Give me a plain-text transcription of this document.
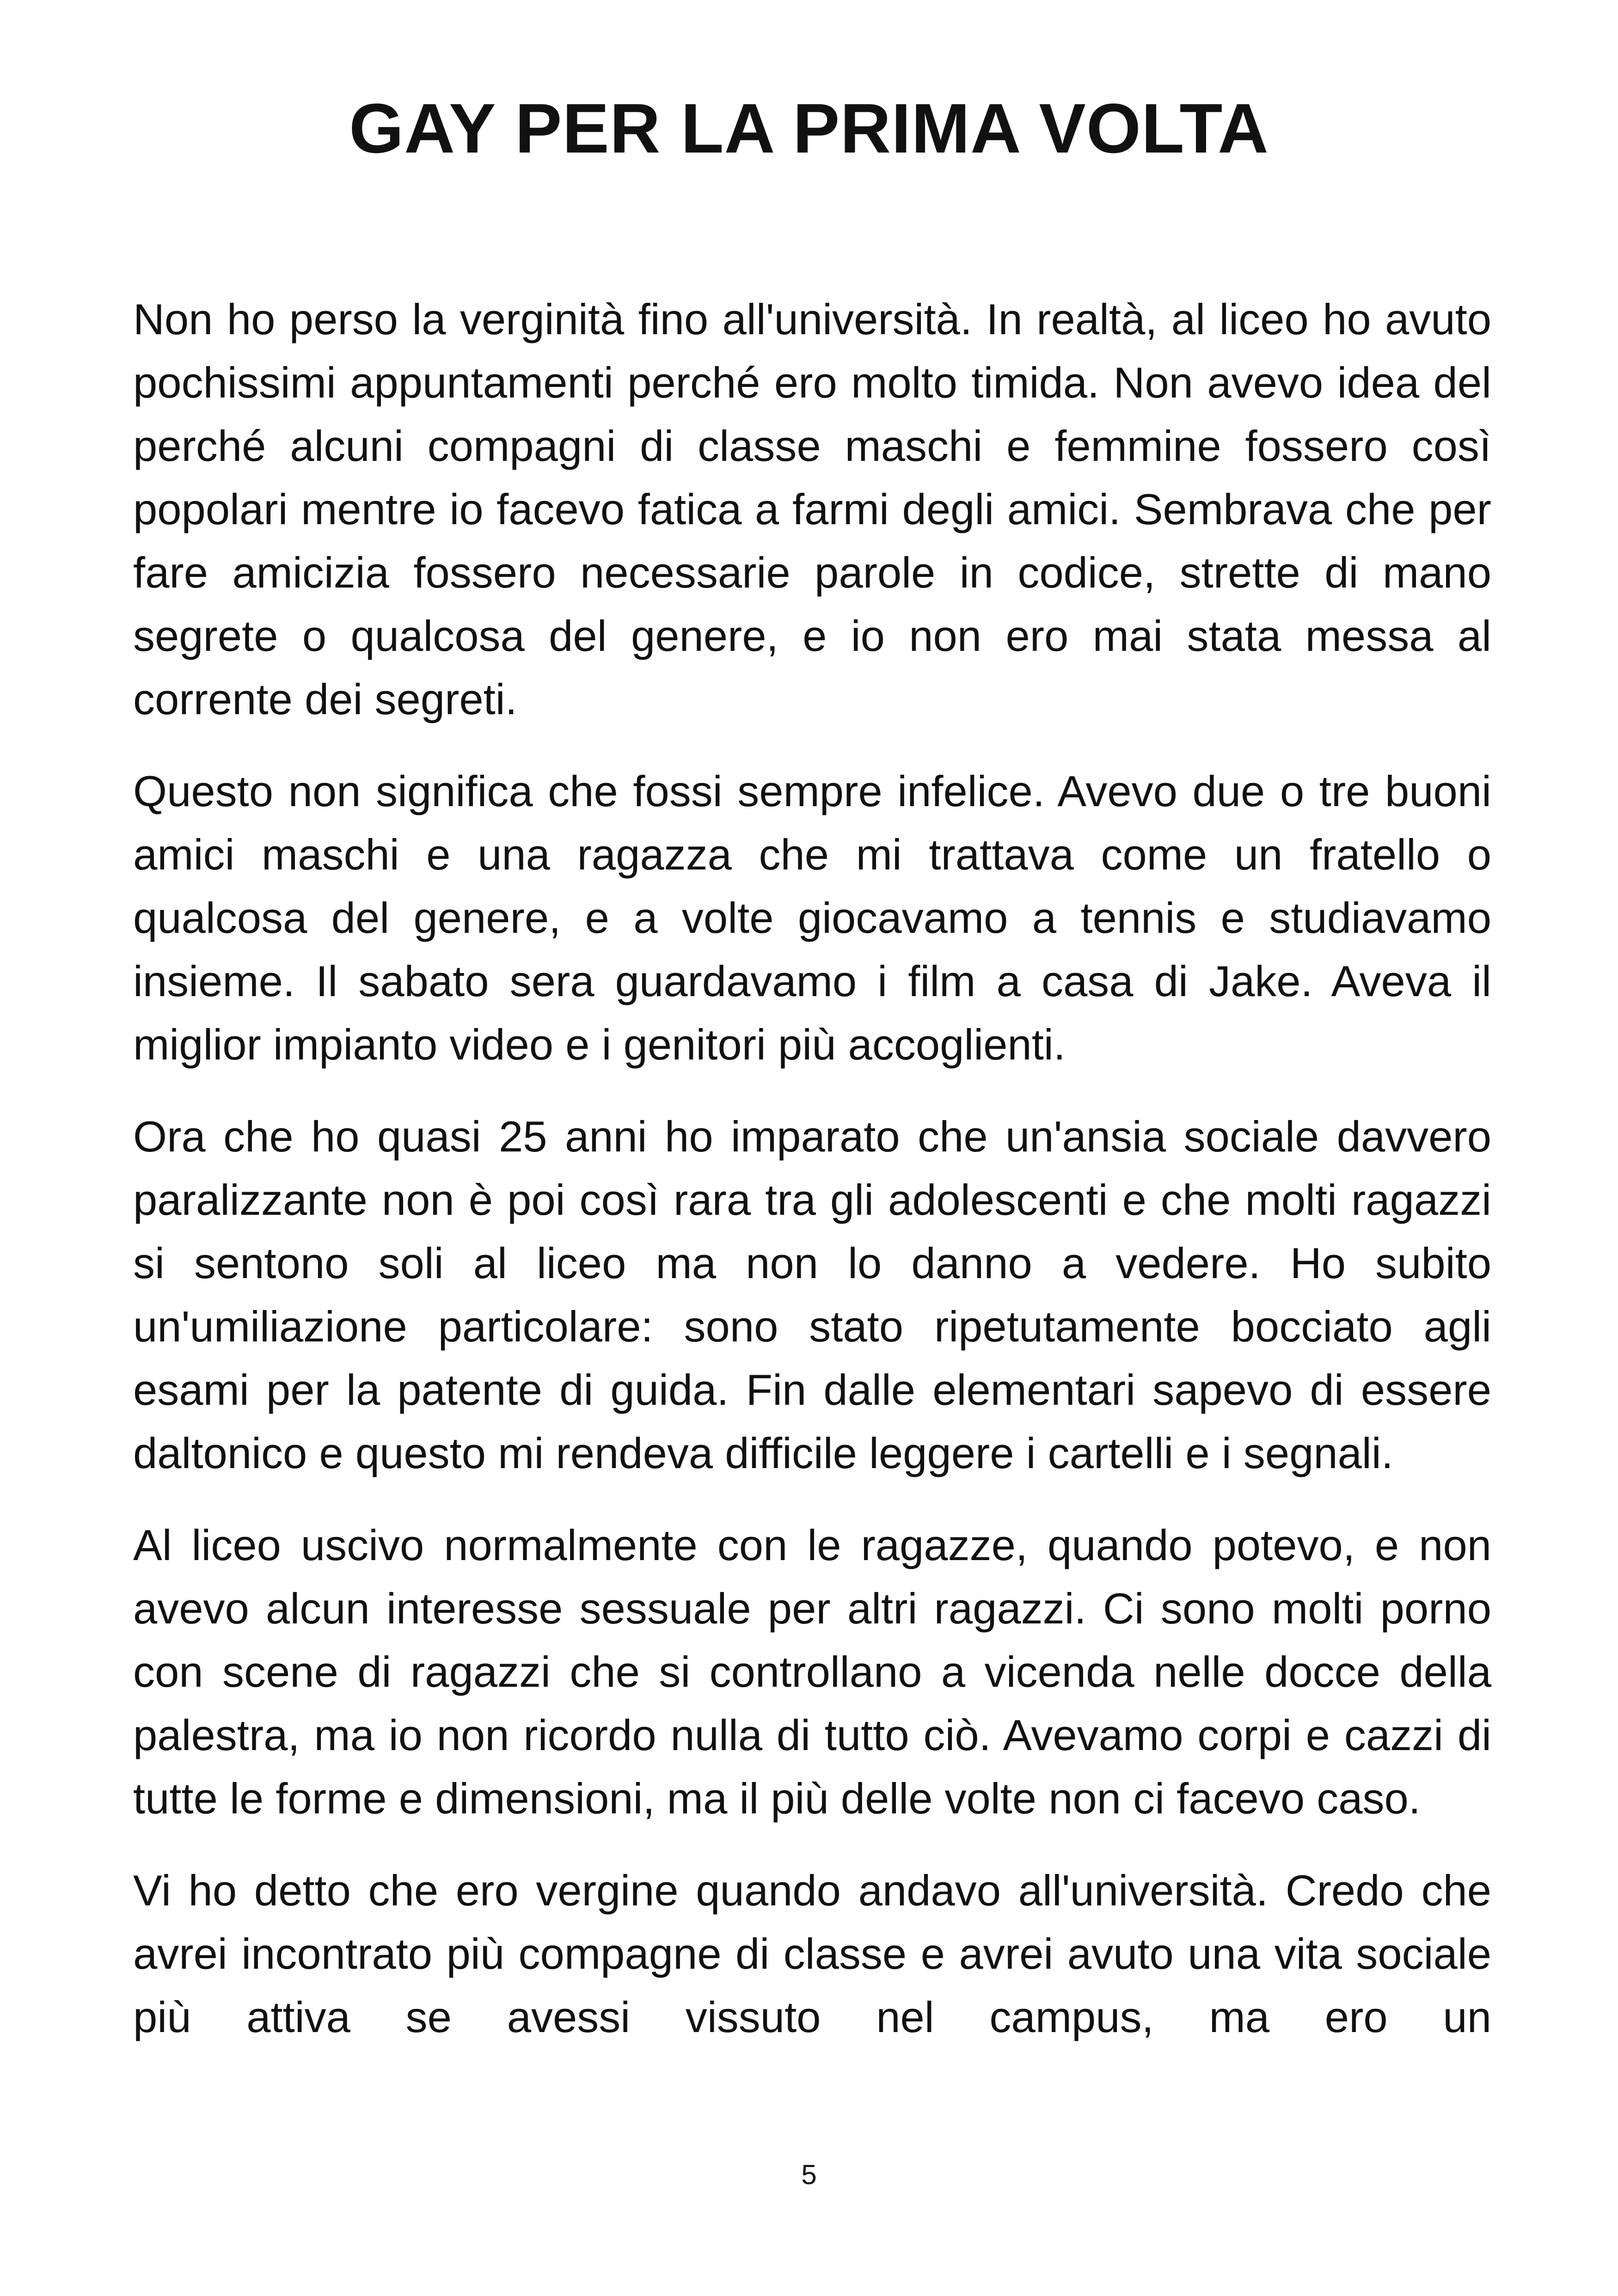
GAY PER LA PRIMA VOLTA

Non ho perso la verginità fino all'università. In realtà, al liceo ho avuto pochissimi appuntamenti perché ero molto timida. Non avevo idea del perché alcuni compagni di classe maschi e femmine fossero così popolari mentre io facevo fatica a farmi degli amici. Sembrava che per fare amicizia fossero necessarie parole in codice, strette di mano segrete o qualcosa del genere, e io non ero mai stata messa al corrente dei segreti.

Questo non significa che fossi sempre infelice. Avevo due o tre buoni amici maschi e una ragazza che mi trattava come un fratello o qualcosa del genere, e a volte giocavamo a tennis e studiavamo insieme. Il sabato sera guardavamo i film a casa di Jake. Aveva il miglior impianto video e i genitori più accoglienti.

Ora che ho quasi 25 anni ho imparato che un'ansia sociale davvero paralizzante non è poi così rara tra gli adolescenti e che molti ragazzi si sentono soli al liceo ma non lo danno a vedere. Ho subito un'umiliazione particolare: sono stato ripetutamente bocciato agli esami per la patente di guida. Fin dalle elementari sapevo di essere daltonico e questo mi rendeva difficile leggere i cartelli e i segnali.

Al liceo uscivo normalmente con le ragazze, quando potevo, e non avevo alcun interesse sessuale per altri ragazzi. Ci sono molti porno con scene di ragazzi che si controllano a vicenda nelle docce della palestra, ma io non ricordo nulla di tutto ciò. Avevamo corpi e cazzi di tutte le forme e dimensioni, ma il più delle volte non ci facevo caso.

Vi ho detto che ero vergine quando andavo all'università. Credo che avrei incontrato più compagne di classe e avrei avuto una vita sociale più attiva se avessi vissuto nel campus, ma ero un

5
